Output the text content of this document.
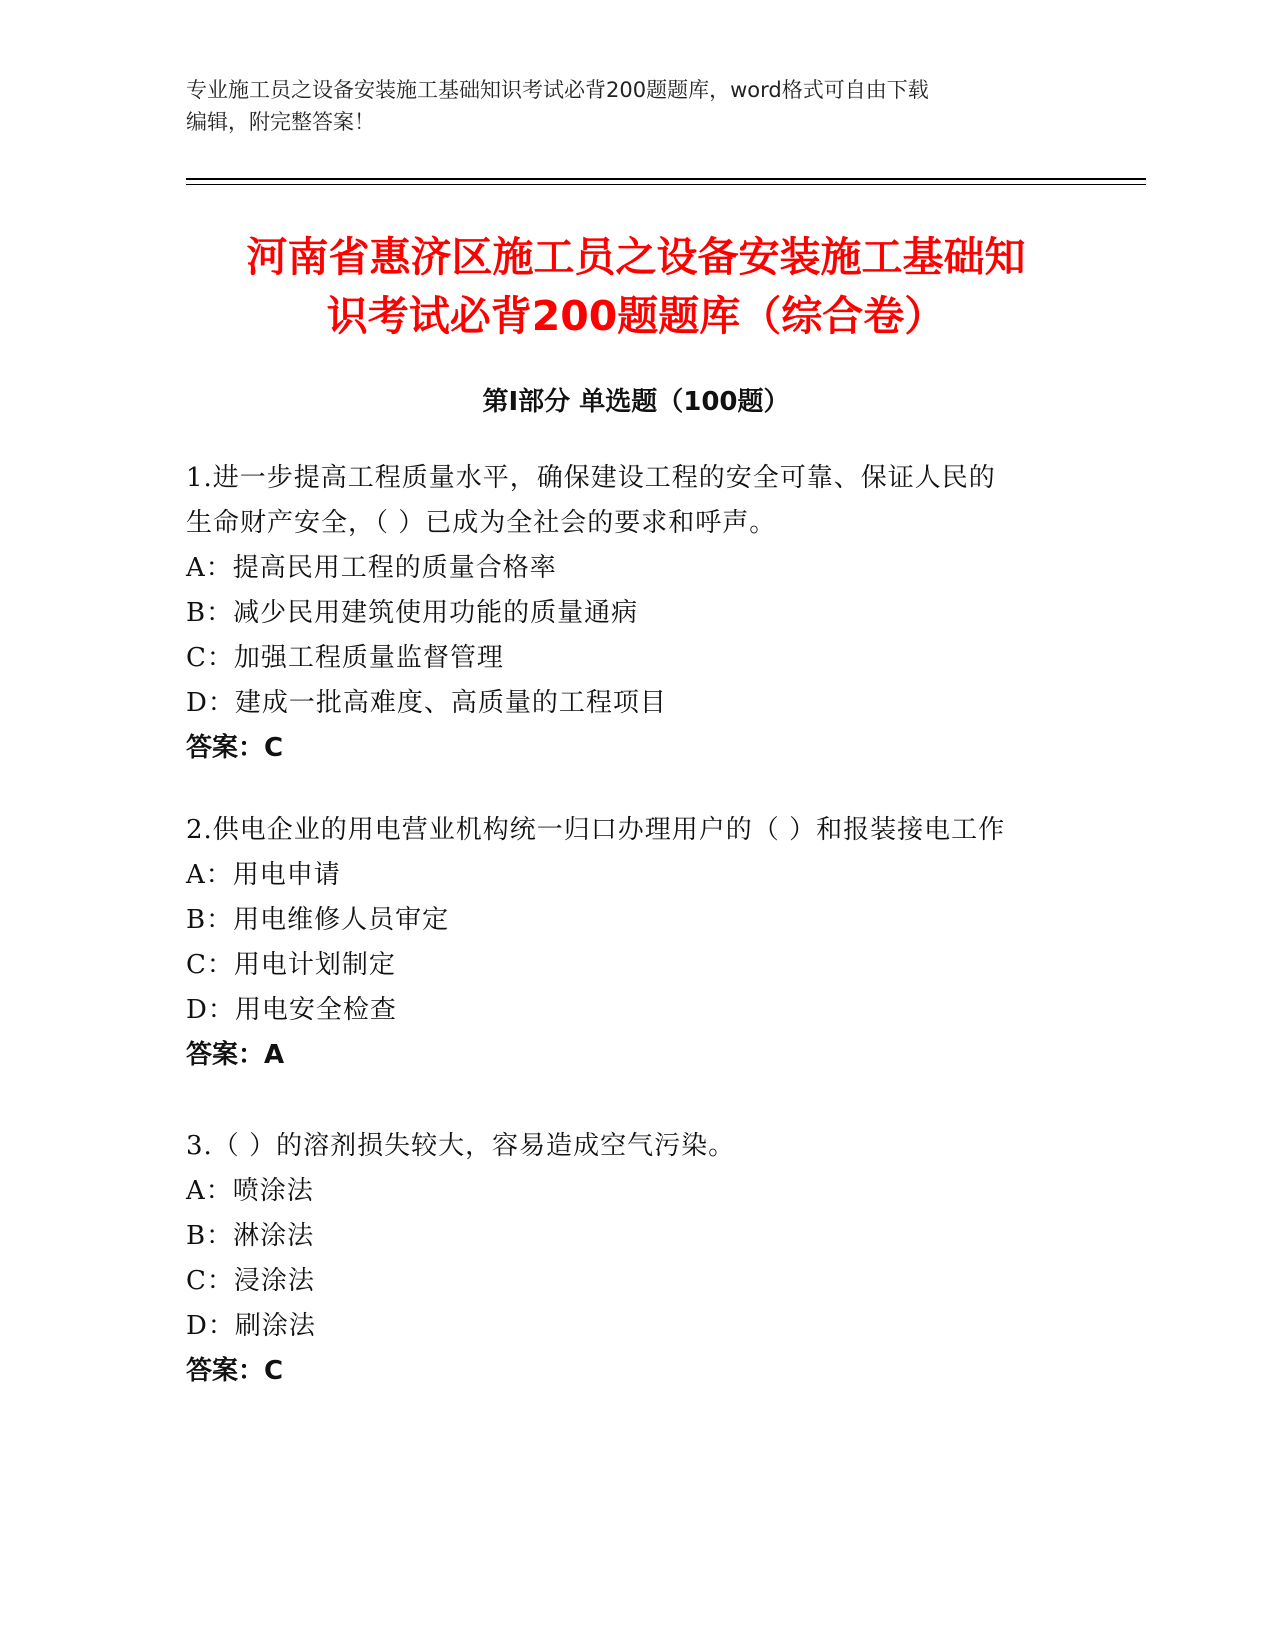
专业施工员之设备安装施工基础知识考试必背200题题库，word格式可自由下载
编辑，附完整答案！
河南省惠济区施工员之设备安装施工基础知
识考试必背200题题库（综合卷）
第Ⅰ部分 单选题（100题）
1.进一步提高工程质量水平，确保建设工程的安全可靠、保证人民的
生命财产安全，（ ）已成为全社会的要求和呼声。
A：提高民用工程的质量合格率
B：减少民用建筑使用功能的质量通病
C：加强工程质量监督管理
D：建成一批高难度、高质量的工程项目
答案：C
2.供电企业的用电营业机构统一归口办理用户的（ ）和报装接电工作
A：用电申请
B：用电维修人员审定
C：用电计划制定
D：用电安全检查
答案：A
3.（ ）的溶剂损失较大，容易造成空气污染。
A：喷涂法
B：淋涂法
C：浸涂法
D：刷涂法
答案：C
